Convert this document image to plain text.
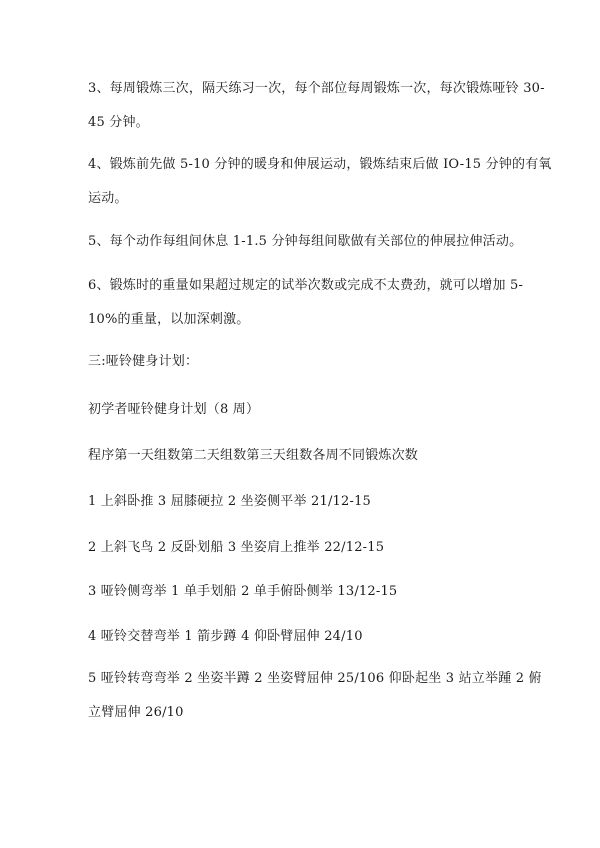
3、每周锻炼三次，隔天练习一次，每个部位每周锻炼一次，每次锻炼哑铃 30-
45 分钟。
4、锻炼前先做 5-10 分钟的暖身和伸展运动，锻炼结束后做 IO-15 分钟的有氧
运动。
5、每个动作每组间休息 1-1.5 分钟每组间歇做有关部位的伸展拉伸活动。
6、锻炼时的重量如果超过规定的试举次数或完成不太费劲，就可以增加 5-
10%的重量，以加深刺激。
三:哑铃健身计划：
初学者哑铃健身计划（8 周）
程序第一天组数第二天组数第三天组数各周不同锻炼次数
1 上斜卧推 3 屈膝硬拉 2 坐姿侧平举 21/12-15
2 上斜飞鸟 2 反卧划船 3 坐姿肩上推举 22/12-15
3 哑铃侧弯举 1 单手划船 2 单手俯卧侧举 13/12-15
4 哑铃交替弯举 1 箭步蹲 4 仰卧臂屈伸 24/10
5 哑铃转弯弯举 2 坐姿半蹲 2 坐姿臂屈伸 25/106 仰卧起坐 3 站立举踵 2 俯
立臂屈伸 26/10
